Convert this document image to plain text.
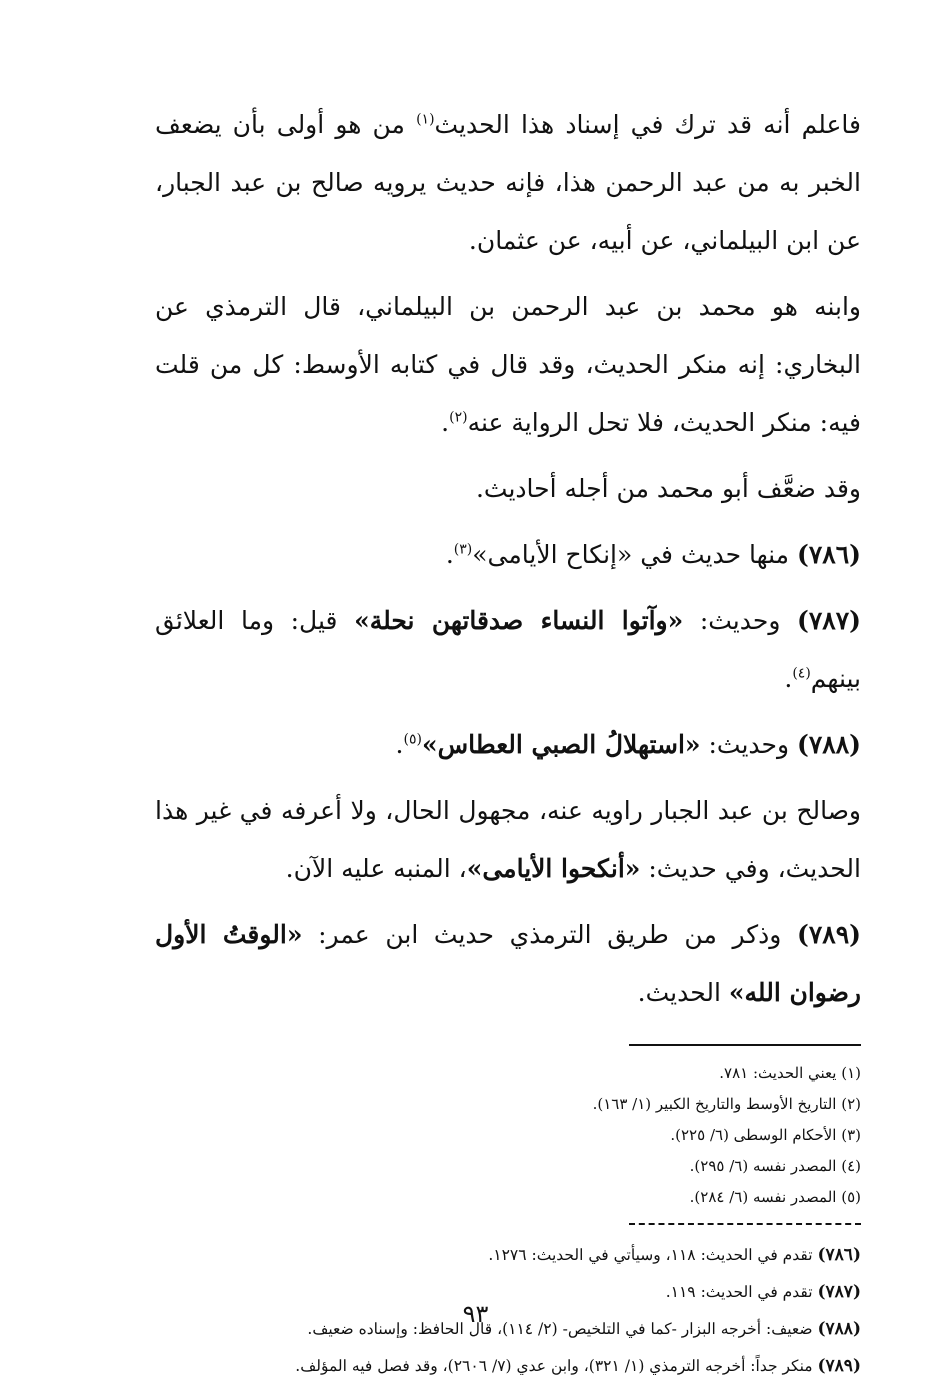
فاعلم أنه قد ترك في إسناد هذا الحديث$^{(١)}$ من هو أولى بأن يضعف الخبر به من عبد الرحمن هذا، فإنه حديث يرويه صالح بن عبد الجبار، عن ابن البيلماني، عن أبيه، عن عثمان.

وابنه هو محمد بن عبد الرحمن بن البيلماني، قال الترمذي عن البخاري: إنه منكر الحديث، وقد قال في كتابه الأوسط: كل من قلت فيه: منكر الحديث، فلا تحل الرواية عنه$^{(٢)}$.

وقد ضعَّف أبو محمد من أجله أحاديث.

(٧٨٦) منها حديث في «إنكاح الأيامى»$^{(٣)}$.

(٧٨٧) وحديث: «وآتوا النساء صدقاتهن نحلة» قيل: وما العلائق بينهم$^{(٤)}$.

(٧٨٨) وحديث: «استهلالُ الصبي العطاس»$^{(٥)}$.

وصالح بن عبد الجبار راويه عنه، مجهول الحال، ولا أعرفه في غير هذا الحديث، وفي حديث: «أنكحوا الأيامى»، المنبه عليه الآن.

(٧٨٩) وذكر من طريق الترمذي حديث ابن عمر: «الوقتُ الأول رضوان الله» الحديث.

(١) يعني الحديث: ٧٨١.

(٢) التاريخ الأوسط والتاريخ الكبير (١/ ١٦٣).

(٣) الأحكام الوسطى (٦/ ٢٢٥).

(٤) المصدر نفسه (٦/ ٢٩٥).

(٥) المصدر نفسه (٦/ ٢٨٤).

(٧٨٦) تقدم في الحديث: ١١٨، وسيأتي في الحديث: ١٢٧٦.

(٧٨٧) تقدم في الحديث: ١١٩.

(٧٨٨) ضعيف: أخرجه البزار -كما في التلخيص- (٢/ ١١٤)، قال الحافظ: وإسناده ضعيف.

(٧٨٩) منكر جداً: أخرجه الترمذي (١/ ٣٢١)، وابن عدي (٧/ ٢٦٠٦)، وقد فصل فيه المؤلف.

٩٣
